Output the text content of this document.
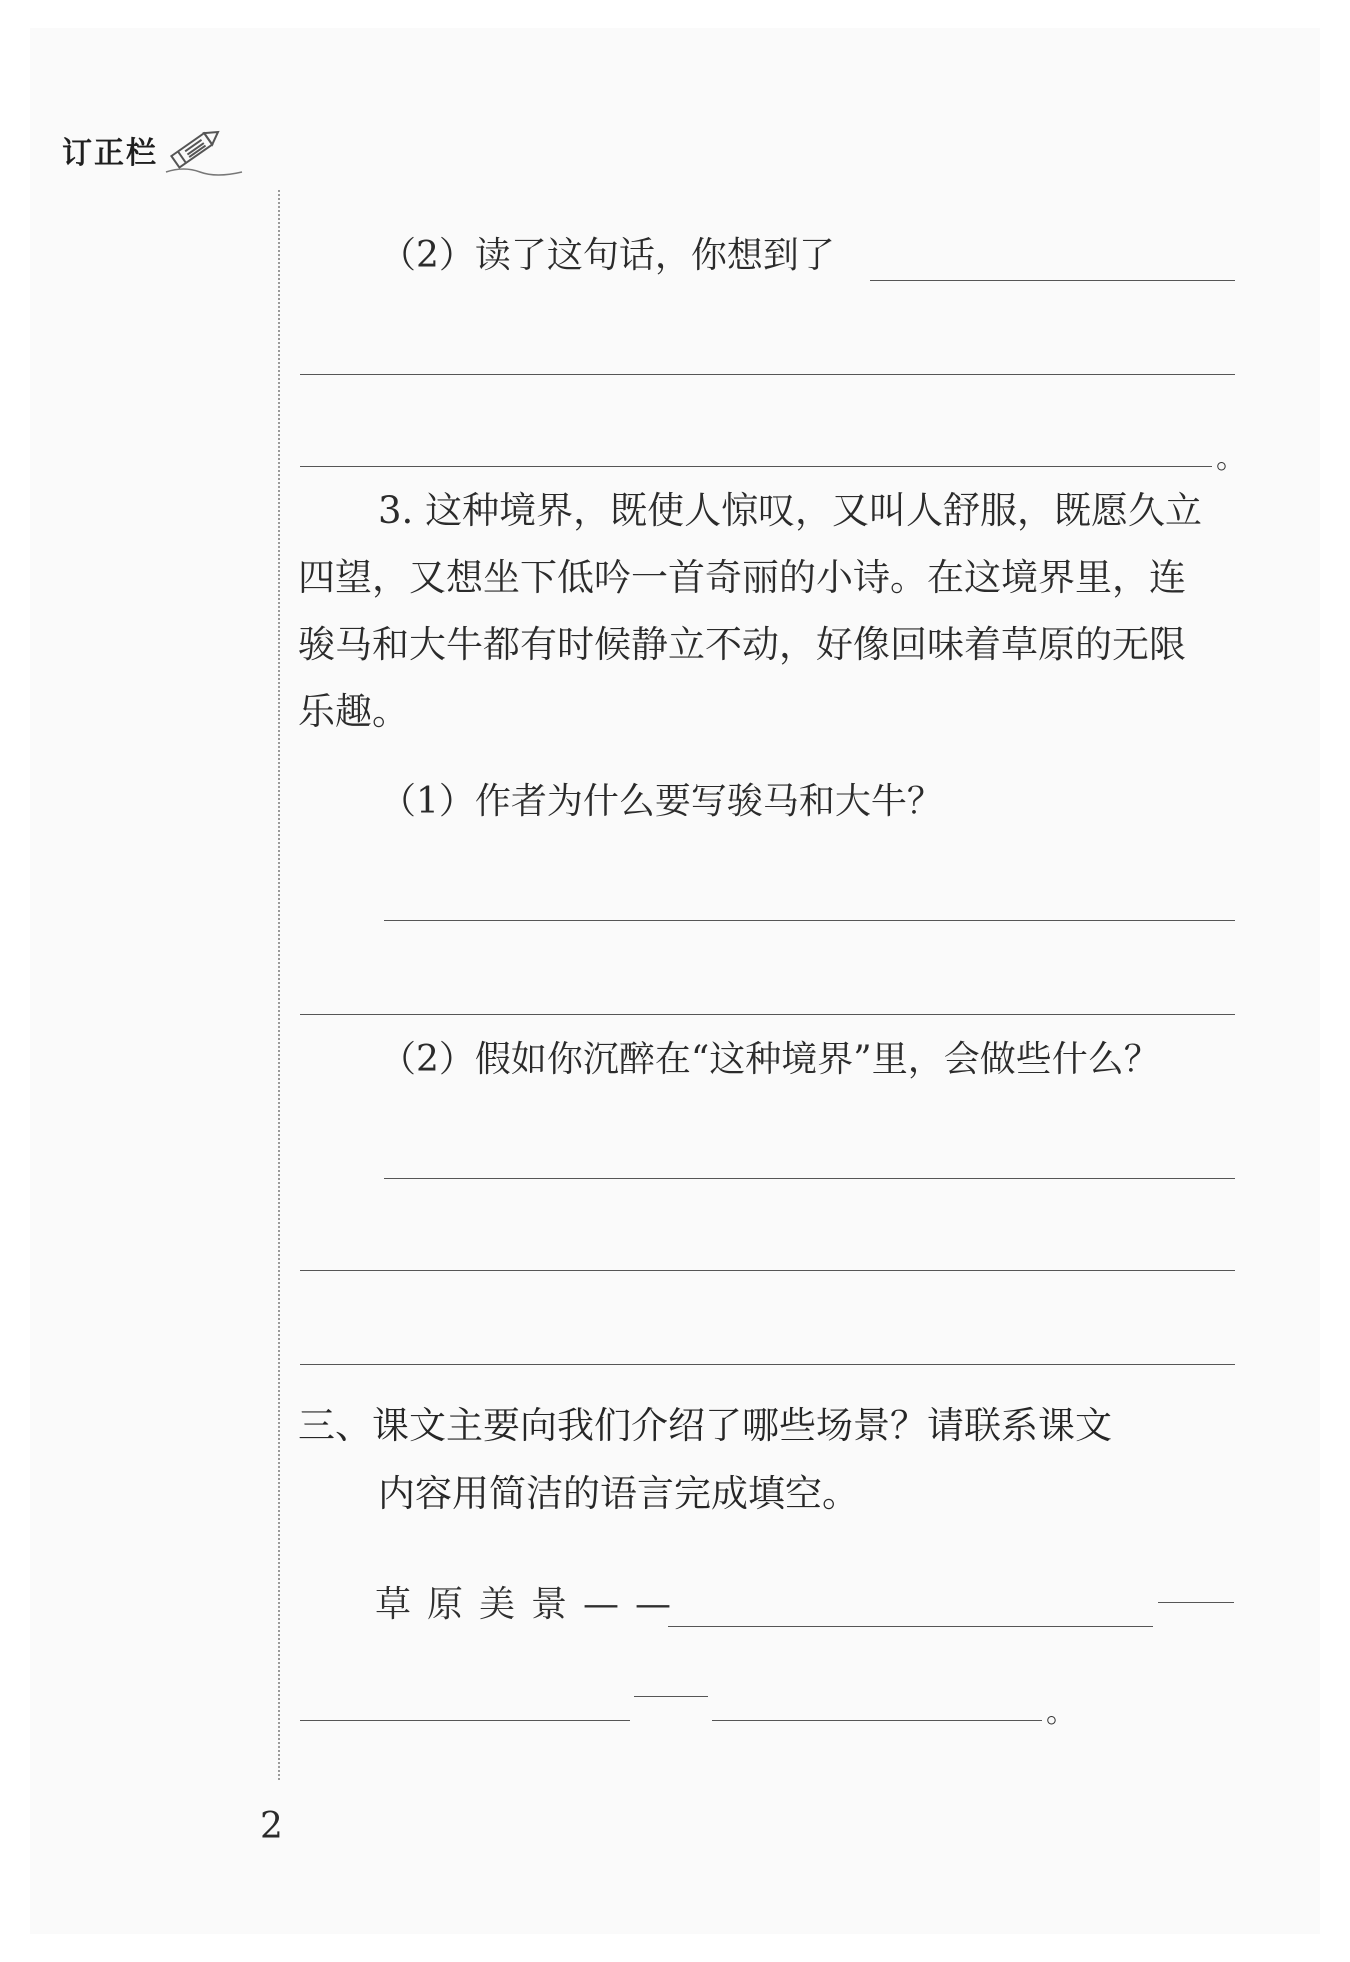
订正栏
（2）读了这句话，你想到了
。
3. 这种境界，既使人惊叹，又叫人舒服，既愿久立
四望，又想坐下低吟一首奇丽的小诗。在这境界里，连
骏马和大牛都有时候静立不动，好像回味着草原的无限
乐趣。
（1）作者为什么要写骏马和大牛？
（2）假如你沉醉在“这种境界”里，会做些什么？
三、课文主要向我们介绍了哪些场景？请联系课文
内容用简洁的语言完成填空。
草原美景——
。
2
